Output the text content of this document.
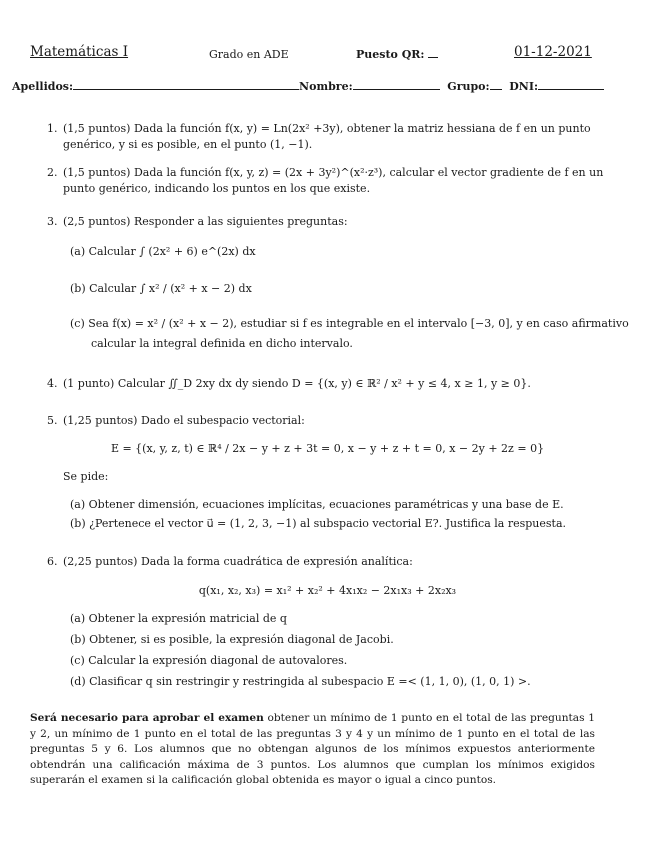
Matemáticas I	Grado en ADE	Puesto QR:	01-12-2021
Apellidos:	Nombre:	Grupo: DNI:
1. (1,5 puntos) Dada la función f(x, y) = Ln(2x² +3y), obtener la matriz hessiana de f en un punto
genérico, y si es posible, en el punto (1, −1).
2. (1,5 puntos) Dada la función f(x, y, z) = (2x + 3y²)^(x²·z³), calcular el vector gradiente de f en un
punto genérico, indicando los puntos en los que existe.
3. (2,5 puntos) Responder a las siguientes preguntas:
(a) Calcular ∫ (2x² + 6) e^(2x) dx
(b) Calcular ∫ x² / (x² + x − 2) dx
(c) Sea f(x) = x² / (x² + x − 2), estudiar si f es integrable en el intervalo [−3, 0], y en caso afirmativo
calcular la integral definida en dicho intervalo.
4. (1 punto) Calcular ∬_D 2xy dx dy siendo D = {(x, y) ∈ ℝ² / x² + y ≤ 4, x ≥ 1, y ≥ 0}.
5. (1,25 puntos) Dado el subespacio vectorial:
E = {(x, y, z, t) ∈ ℝ⁴ / 2x − y + z + 3t = 0, x − y + z + t = 0, x − 2y + 2z = 0}
Se pide:
(a) Obtener dimensión, ecuaciones implícitas, ecuaciones paramétricas y una base de E.
(b) ¿Pertenece el vector u⃗ = (1, 2, 3, −1) al subspacio vectorial E?. Justifica la respuesta.
6. (2,25 puntos) Dada la forma cuadrática de expresión analítica:
q(x₁, x₂, x₃) = x₁² + x₂² + 4x₁x₂ − 2x₁x₃ + 2x₂x₃
(a) Obtener la expresión matricial de q
(b) Obtener, si es posible, la expresión diagonal de Jacobi.
(c) Calcular la expresión diagonal de autovalores.
(d) Clasificar q sin restringir y restringida al subespacio E =< (1, 1, 0), (1, 0, 1) >.
Será necesario para aprobar el examen obtener un mínimo de 1 punto en el total de las preguntas 1 y 2, un mínimo de 1 punto en el total de las preguntas 3 y 4 y un mínimo de 1 punto en el total de las preguntas 5 y 6. Los alumnos que no obtengan algunos de los mínimos expuestos anteriormente obtendrán una calificación máxima de 3 puntos. Los alumnos que cumplan los mínimos exigidos superarán el examen si la calificación global obtenida es mayor o igual a cinco puntos.
